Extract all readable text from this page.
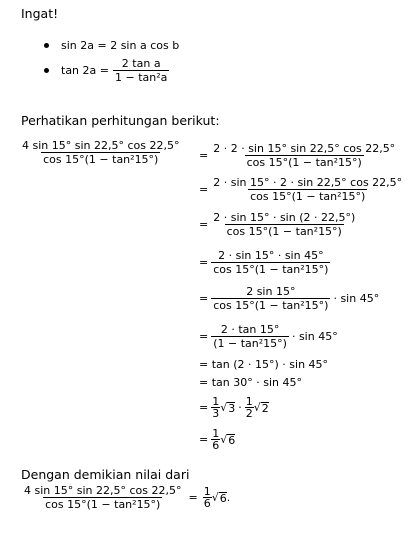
Ingat!
sin 2a = 2 sin a cos b
$\tan 2a = \frac{\text{2 tan a}}{\text{1 − tan²a}}$
Perhatikan perhitungan berikut:
$\frac{4 \sin 15^\circ \sin 22,5^\circ \cos 22,5^\circ}{\text{cos 15°(1 − tan²15°)}} = \frac{2 \cdot 2 \cdot \sin 15^\circ \sin 22,5^\circ \cos 22,5^\circ}{\text{cos 15°(1 − tan²15°)}}$
= $\frac{2 \cdot \sin 15^\circ \cdot 2 \cdot \sin 22,5^\circ \cos 22,5^\circ}{\text{cos 15°(1 − tan²15°)}}$
= $\frac{2 \cdot \sin 15^\circ \cdot \sin (2 \cdot 22,5^\circ)}{\text{cos 15°(1 − tan²15°)}}$
= $\frac{2 \cdot \sin 15^\circ \cdot \sin 45^\circ}{\text{cos 15°(1 − tan²15°)}}$
= $\frac{2 \sin 15^\circ}{\text{cos 15°(1 − tan²15°)}} \cdot \sin 45^\circ$
= $\frac{2 \cdot \tan 15^\circ}{\text{(1 − tan²15°)}} \cdot \sin 45^\circ$
= tan (2 · 15°) · sin 45°
= tan 30° · sin 45°
= $\frac{1}{3}$ √ $3 \cdot \frac{1}{2}$ √ 2
= $\frac{1}{6}$ √ 6
Dengan demikian nilai dari
$\frac{4 \sin 15^\circ \sin 22,5^\circ \cos 22,5^\circ}{\text{cos 15°(1 − tan²15°)}} = \frac{1}{6}$ √ 6 .
